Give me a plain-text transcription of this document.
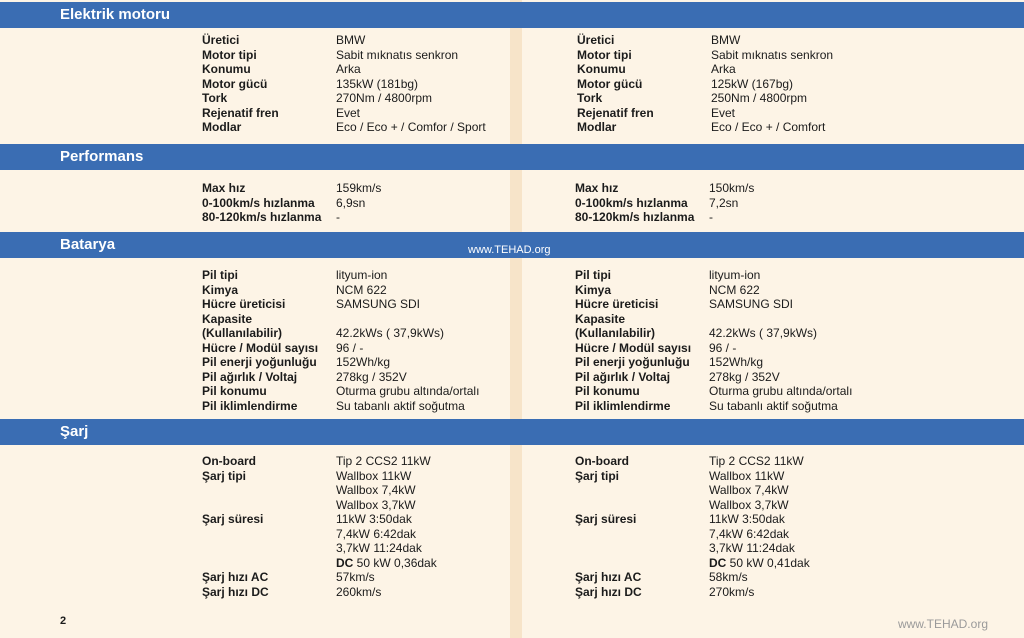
Elektrik motoru
Performans
Batarya	www.TEHAD.org
Şarj
Üretici	BMW
Motor tipi	Sabit mıknatıs senkron
Konumu	Arka
Motor gücü	135kW (181bg)
Tork	270Nm / 4800rpm
Rejenatif fren	Evet
Modlar	Eco / Eco + / Comfor / Sport
Üretici	BMW
Motor tipi	Sabit mıknatıs senkron
Konumu	Arka
Motor gücü	125kW (167bg)
Tork	250Nm / 4800rpm
Rejenatif fren	Evet
Modlar	Eco / Eco + / Comfort
Max hız	159km/s
0-100km/s hızlanma 6,9sn
80-120km/s hızlanma -
Max hız	150km/s
0-100km/s hızlanma 7,2sn
80-120km/s hızlanma -
Pil tipi	lityum-ion
Kimya	NCM 622
Hücre üreticisi	SAMSUNG SDI
Kapasite
(Kullanılabilir)	42.2kWs ( 37,9kWs)
Hücre / Modül sayısı 96 / -
Pil enerji yoğunluğu 152Wh/kg
Pil ağırlık / Voltaj	278kg / 352V
Pil konumu	Oturma grubu altında/ortalı
Pil iklimlendirme	Su tabanlı aktif soğutma
Pil tipi	lityum-ion
Kimya	NCM 622
Hücre üreticisi	SAMSUNG SDI
Kapasite
(Kullanılabilir)	42.2kWs ( 37,9kWs)
Hücre / Modül sayısı 96 / -
Pil enerji yoğunluğu 152Wh/kg
Pil ağırlık / Voltaj	278kg / 352V
Pil konumu	Oturma grubu altında/ortalı
Pil iklimlendirme	Su tabanlı aktif soğutma
On-board	Tip 2 CCS2 11kW
Şarj tipi	Wallbox 11kW
Wallbox 7,4kW
Wallbox 3,7kW
Şarj süresi	11kW 3:50dak
7,4kW 6:42dak
3,7kW 11:24dak
DC 50 kW 0,36dak
Şarj hızı AC	57km/s
Şarj hızı DC	260km/s
On-board	Tip 2 CCS2 11kW
Şarj tipi	Wallbox 11kW
Wallbox 7,4kW
Wallbox 3,7kW
Şarj süresi	11kW 3:50dak
7,4kW 6:42dak
3,7kW 11:24dak
DC 50 kW 0,41dak
Şarj hızı AC	58km/s
Şarj hızı DC	270km/s
2	www.TEHAD.org
